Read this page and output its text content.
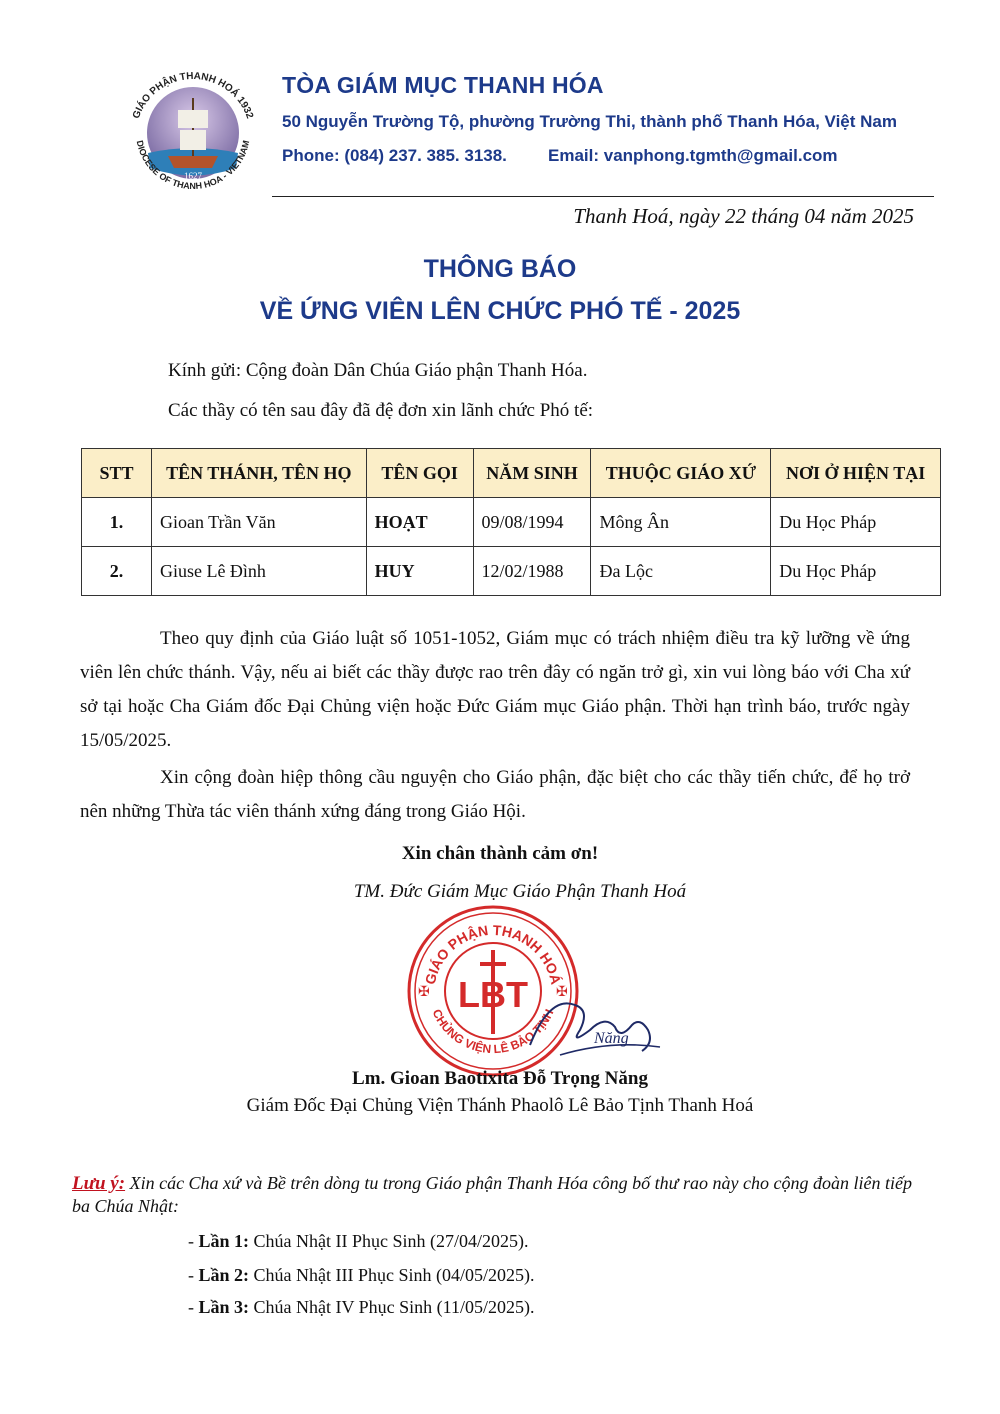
1627
GIÁO PHẬN THANH HOÁ 1932
DIOCESE OF THANH HOA - VIETNAM
TÒA GIÁM MỤC THANH HÓA
50 Nguyễn Trường Tộ, phường Trường Thi, thành phố Thanh Hóa, Việt Nam
Phone: (084) 237. 385. 3138. Email: vanphong.tgmth@gmail.com
Thanh Hoá, ngày 22 tháng 04 năm 2025
THÔNG BÁO
VỀ ỨNG VIÊN LÊN CHỨC PHÓ TẾ - 2025
Kính gửi: Cộng đoàn Dân Chúa Giáo phận Thanh Hóa.
Các thầy có tên sau đây đã đệ đơn xin lãnh chức Phó tế:
STT	TÊN THÁNH, TÊN HỌ	TÊN GỌI	NĂM SINH	THUỘC GIÁO XỨ	NƠI Ở HIỆN TẠI
1.	Gioan Trần Văn	HOẠT	09/08/1994	Mông Ân	Du Học Pháp
2.	Giuse Lê Đình	HUY	12/02/1988	Đa Lộc	Du Học Pháp
Theo quy định của Giáo luật số 1051-1052, Giám mục có trách nhiệm điều tra kỹ lưỡng về ứng viên lên chức thánh. Vậy, nếu ai biết các thầy được rao trên đây có ngăn trở gì, xin vui lòng báo với Cha xứ sở tại hoặc Cha Giám đốc Đại Chủng viện hoặc Đức Giám mục Giáo phận. Thời hạn trình báo, trước ngày 15/05/2025.
Xin cộng đoàn hiệp thông cầu nguyện cho Giáo phận, đặc biệt cho các thầy tiến chức, để họ trở nên những Thừa tác viên thánh xứng đáng trong Giáo Hội.
Xin chân thành cảm ơn!
TM. Đức Giám Mục Giáo Phận Thanh Hoá
GIÁO PHẬN THANH HOÁ
CHỦNG VIỆN LÊ BẢO TỊNH
LBT
✠	✠
Năng
Lm. Gioan Baotixita Đỗ Trọng Năng
Giám Đốc Đại Chủng Viện Thánh Phaolô Lê Bảo Tịnh Thanh Hoá
Lưu ý: Xin các Cha xứ và Bề trên dòng tu trong Giáo phận Thanh Hóa công bố thư rao này cho cộng đoàn liên tiếp ba Chúa Nhật:
- Lần 1: Chúa Nhật II Phục Sinh (27/04/2025).
- Lần 2: Chúa Nhật III Phục Sinh (04/05/2025).
- Lần 3: Chúa Nhật IV Phục Sinh (11/05/2025).
